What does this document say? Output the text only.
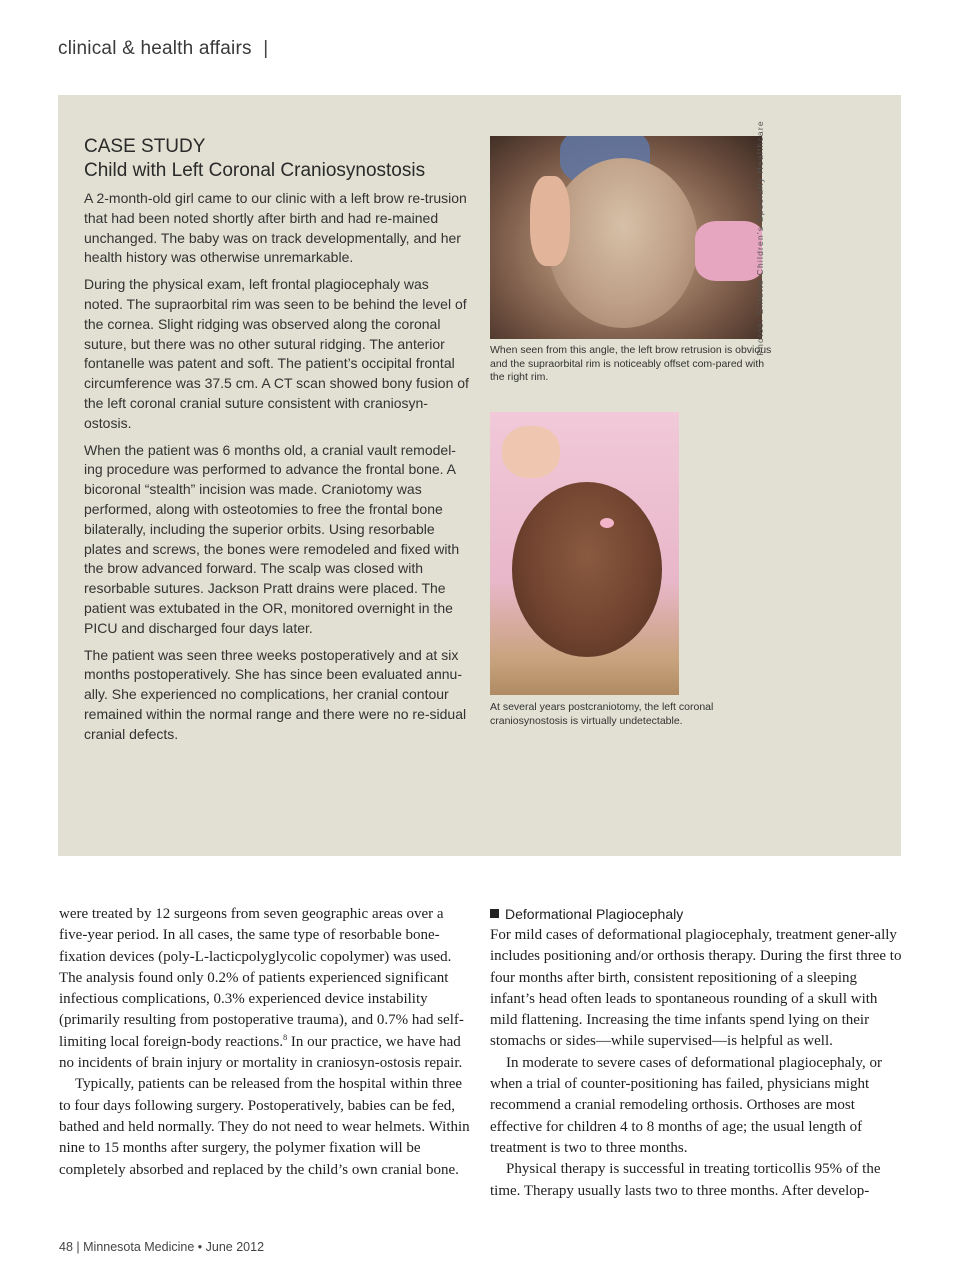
clinical & health affairs |
CASE STUDY
Child with Left Coronal Craniosynostosis

A 2-month-old girl came to our clinic with a left brow re-trusion that had been noted shortly after birth and had re-mained unchanged. The baby was on track developmentally, and her health history was otherwise unremarkable.

During the physical exam, left frontal plagiocephaly was noted. The supraorbital rim was seen to be behind the level of the cornea. Slight ridging was observed along the coronal suture, but there was no other sutural ridging. The anterior fontanelle was patent and soft. The patient’s occipital frontal circumference was 37.5 cm. A CT scan showed bony fusion of the left coronal cranial suture consistent with craniosyn-ostosis.

When the patient was 6 months old, a cranial vault remodel-ing procedure was performed to advance the frontal bone. A bicoronal “stealth” incision was made. Craniotomy was performed, along with osteotomies to free the frontal bone bilaterally, including the superior orbits. Using resorbable plates and screws, the bones were remodeled and fixed with the brow advanced forward. The scalp was closed with resorbable sutures. Jackson Pratt drains were placed. The patient was extubated in the OR, monitored overnight in the PICU and discharged four days later.

The patient was seen three weeks postoperatively and at six months postoperatively. She has since been evaluated annu-ally. She experienced no complications, her cranial contour remained within the normal range and there were no re-sidual cranial defects.

Photos: Gillette Children’s Specialty Healthcare
When seen from this angle, the left brow retrusion is obvious and the supraorbital rim is noticeably offset com-pared with the right rim.
At several years postcraniotomy, the left coronal craniosynostosis is virtually undetectable.

were treated by 12 surgeons from seven geographic areas over a five-year period. In all cases, the same type of resorbable bone-fixation devices (poly-L-lacticpolyglycolic copolymer) was used. The analysis found only 0.2% of patients experienced significant infectious complications, 0.3% experienced device instability (primarily resulting from postoperative trauma), and 0.7% had self-limiting local foreign-body reactions.$^8$ In our practice, we have had no incidents of brain injury or mortality in craniosyn-ostosis repair.

Typically, patients can be released from the hospital within three to four days following surgery. Postoperatively, babies can be fed, bathed and held normally. They do not need to wear helmets. Within nine to 15 months after surgery, the polymer fixation will be completely absorbed and replaced by the child’s own cranial bone.

Deformational Plagiocephaly

For mild cases of deformational plagiocephaly, treatment gener-ally includes positioning and/or orthosis therapy. During the first three to four months after birth, consistent repositioning of a sleeping infant’s head often leads to spontaneous rounding of a skull with mild flattening. Increasing the time infants spend lying on their stomachs or sides—while supervised—is helpful as well.

In moderate to severe cases of deformational plagiocephaly, or when a trial of counter-positioning has failed, physicians might recommend a cranial remodeling orthosis. Orthoses are most effective for children 4 to 8 months of age; the usual length of treatment is two to three months.

Physical therapy is successful in treating torticollis 95% of the time. Therapy usually lasts two to three months. After develop-

48 | Minnesota Medicine • June 2012
